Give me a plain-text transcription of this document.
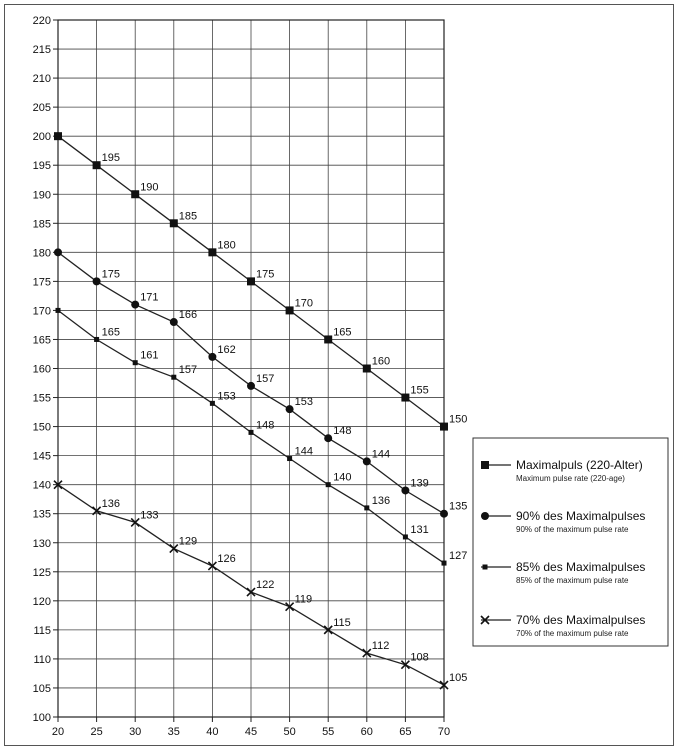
100
105
110
115
120
125
130
135
140
145
150
155
160
165
170
175
180
185
190
195
200
205
210
215
220
20 25 30 35 40 45 50 55 60 65 70
195
190
185
180
175
170
165
160
155
150
175
171
166
162
157
153
148
144
139
135
165
161
157
153
148
144
140
136
131
127
136
133
129
126
122
119
115
112
108
105
Maximalpuls (220-Alter)
Maximum pulse rate (220-age)
90% des Maximalpulses
90% of the maximum pulse rate
85% des Maximalpulses
85% of the maximum pulse rate
70% des Maximalpulses
70% of the maximum pulse rate
